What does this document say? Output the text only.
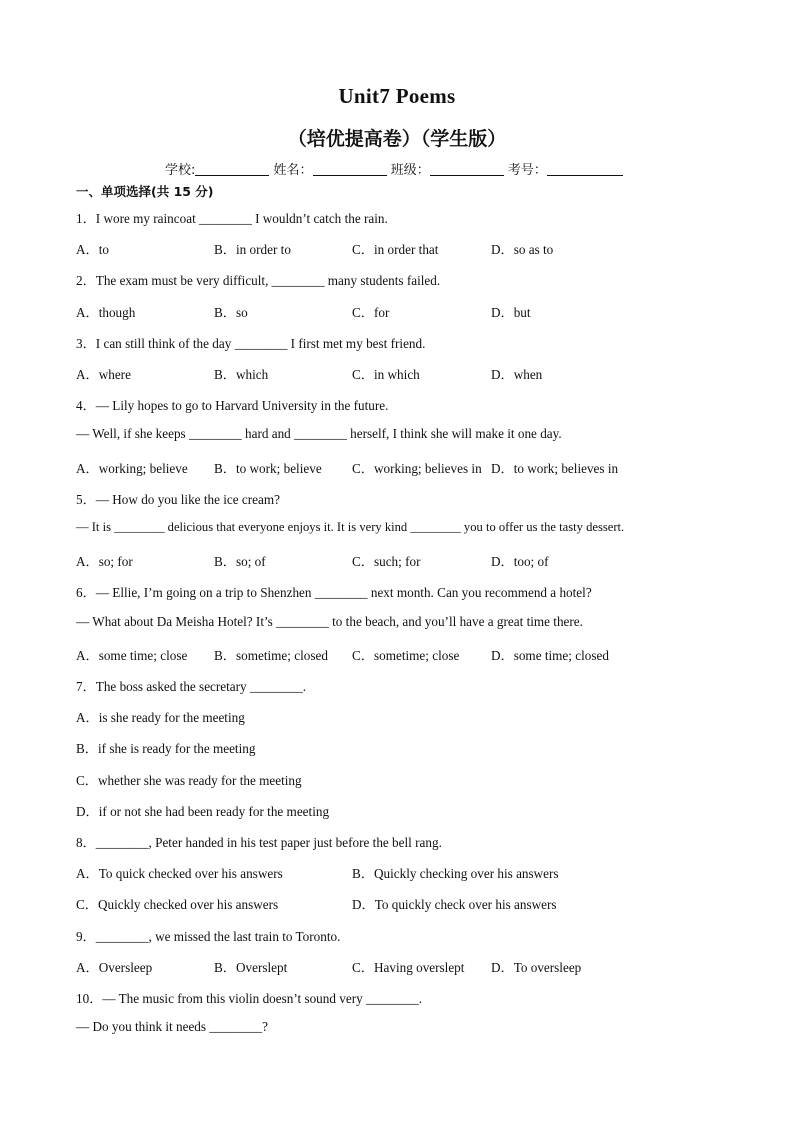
Unit7 Poems
（培优提高卷）（学生版）
学校:	姓名：	班级：	考号：
一、单项选择(共 15 分)
1．I wore my raincoat ________ I wouldn’t catch the rain.
A．to	B．in order to	C．in order that	D．so as to
2．The exam must be very difficult, ________ many students failed.
A．though	B．so	C．for	D．but
3．I can still think of the day ________ I first met my best friend.
A．where	B．which	C．in which	D．when
4．— Lily hopes to go to Harvard University in the future.
— Well, if she keeps ________ hard and ________ herself, I think she will make it one day.
A．working; believe B．to work; believe C．working; believes in D．to work; believes in
5．— How do you like the ice cream?
— It is ________ delicious that everyone enjoys it. It is very kind ________ you to offer us the tasty dessert.
A．so; for	B．so; of	C．such; for	D．too; of
6．— Ellie, I’m going on a trip to Shenzhen ________ next month. Can you recommend a hotel?
— What about Da Meisha Hotel? It’s ________ to the beach, and you’ll have a great time there.
A．some time; close B．sometime; closed C．sometime; close D．some time; closed
7．The boss asked the secretary ________.
A．is she ready for the meeting
B．if she is ready for the meeting
C．whether she was ready for the meeting
D．if or not she had been ready for the meeting
8．________, Peter handed in his test paper just before the bell rang.
A．To quick checked over his answers	B．Quickly checking over his answers
C．Quickly checked over his answers	D．To quickly check over his answers
9．________, we missed the last train to Toronto.
A．Oversleep	B．Overslept	C．Having overslept D．To oversleep
10．— The music from this violin doesn’t sound very ________.
— Do you think it needs ________?
